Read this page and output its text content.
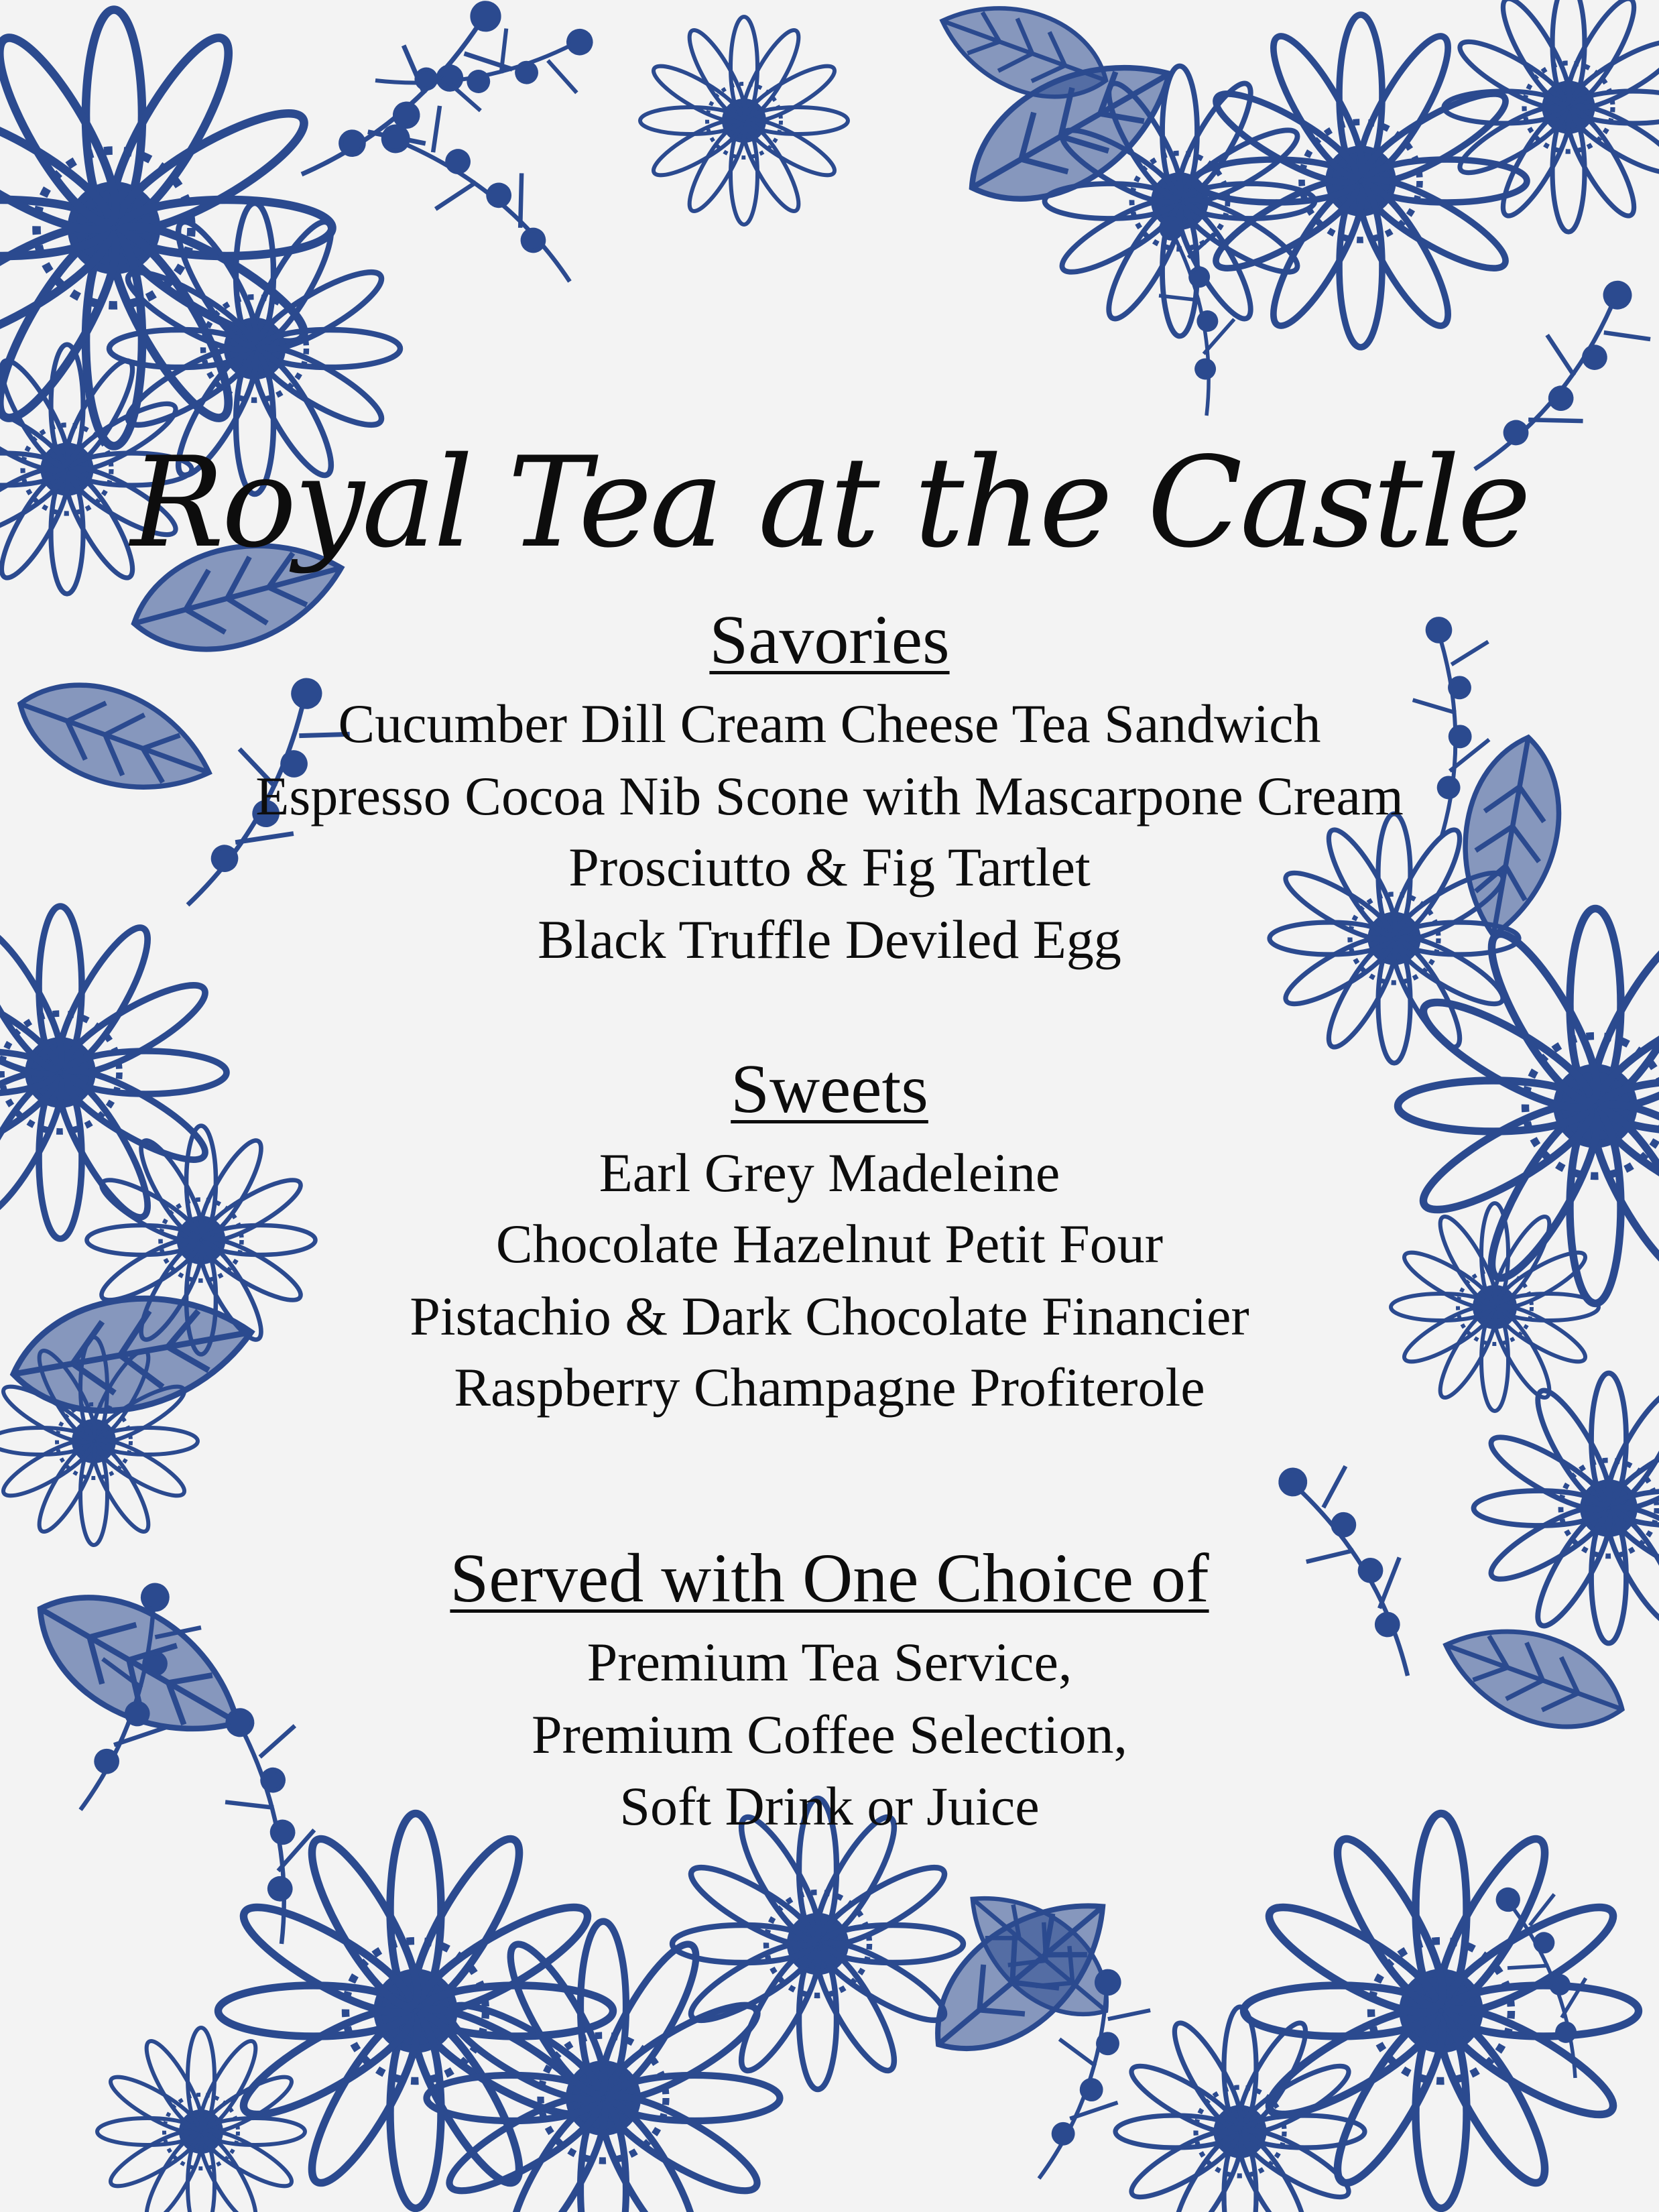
Royal Tea at the Castle
Savories
Cucumber Dill Cream Cheese Tea Sandwich
Espresso Cocoa Nib Scone with Mascarpone Cream
Prosciutto & Fig Tartlet
Black Truffle Deviled Egg
Sweets
Earl Grey Madeleine
Chocolate Hazelnut Petit Four
Pistachio & Dark Chocolate Financier
Raspberry Champagne Profiterole
Served with One Choice of
Premium Tea Service,
Premium Coffee Selection,
Soft Drink or Juice
